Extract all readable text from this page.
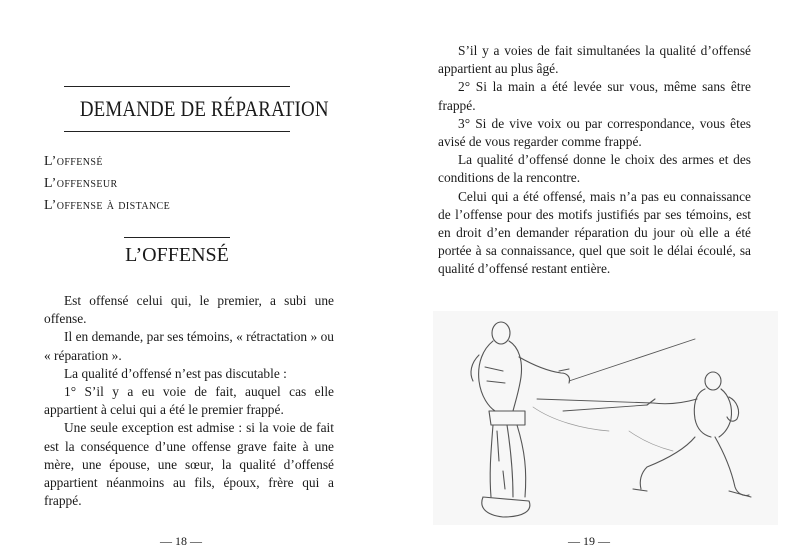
DEMANDE DE RÉPARATION
L’offensé
L’offenseur
L’offense à distance
L’OFFENSÉ

Est offensé celui qui, le premier, a subi une offense.

Il en demande, par ses témoins, « rétractation » ou « réparation ».

La qualité d’offensé n’est pas discutable :

1° S’il y a eu voie de fait, auquel cas elle appartient à celui qui a été le premier frappé.

Une seule exception est admise : si la voie de fait est la conséquence d’une offense grave faite à une mère, une épouse, une sœur, la qualité d’offensé appartient néanmoins au fils, époux, frère qui a frappé.

— 18 —

S’il y a voies de fait simultanées la qualité d’offensé appartient au plus âgé.

2° Si la main a été levée sur vous, même sans être frappé.

3° Si de vive voix ou par correspondance, vous êtes avisé de vous regarder comme frappé.

La qualité d’offensé donne le choix des armes et des conditions de la rencontre.

Celui qui a été offensé, mais n’a pas eu connaissance de l’offense pour des motifs justifiés par ses témoins, est en droit d’en demander réparation du jour où elle a été portée à sa connaissance, quel que soit le délai écoulé, sa qualité d’offensé restant entière.

— 19 —
